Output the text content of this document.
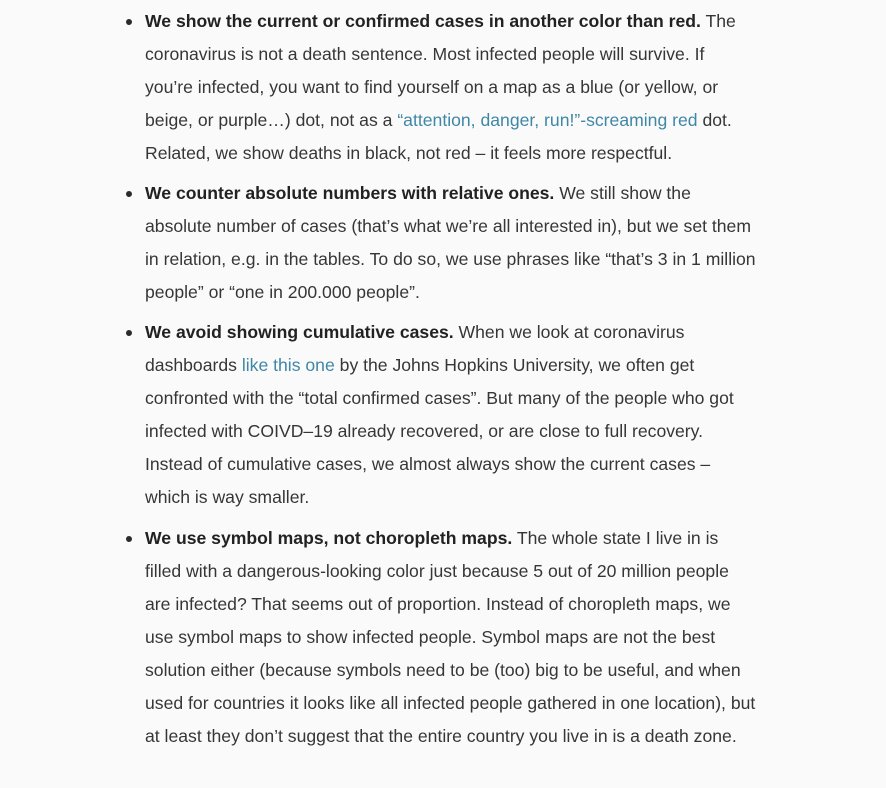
We show the current or confirmed cases in another color than red. The coronavirus is not a death sentence. Most infected people will survive. If you’re infected, you want to find yourself on a map as a blue (or yellow, or beige, or purple…) dot, not as a “attention, danger, run!”-screaming red dot. Related, we show deaths in black, not red – it feels more respectful.
We counter absolute numbers with relative ones. We still show the absolute number of cases (that’s what we’re all interested in), but we set them in relation, e.g. in the tables. To do so, we use phrases like “that’s 3 in 1 million people” or “one in 200.000 people”.
We avoid showing cumulative cases. When we look at coronavirus dashboards like this one by the Johns Hopkins University, we often get confronted with the “total confirmed cases”. But many of the people who got infected with COIVD–19 already recovered, or are close to full recovery. Instead of cumulative cases, we almost always show the current cases – which is way smaller.
We use symbol maps, not choropleth maps. The whole state I live in is filled with a dangerous-looking color just because 5 out of 20 million people are infected? That seems out of proportion. Instead of choropleth maps, we use symbol maps to show infected people. Symbol maps are not the best solution either (because symbols need to be (too) big to be useful, and when used for countries it looks like all infected people gathered in one location), but at least they don’t suggest that the entire country you live in is a death zone.
